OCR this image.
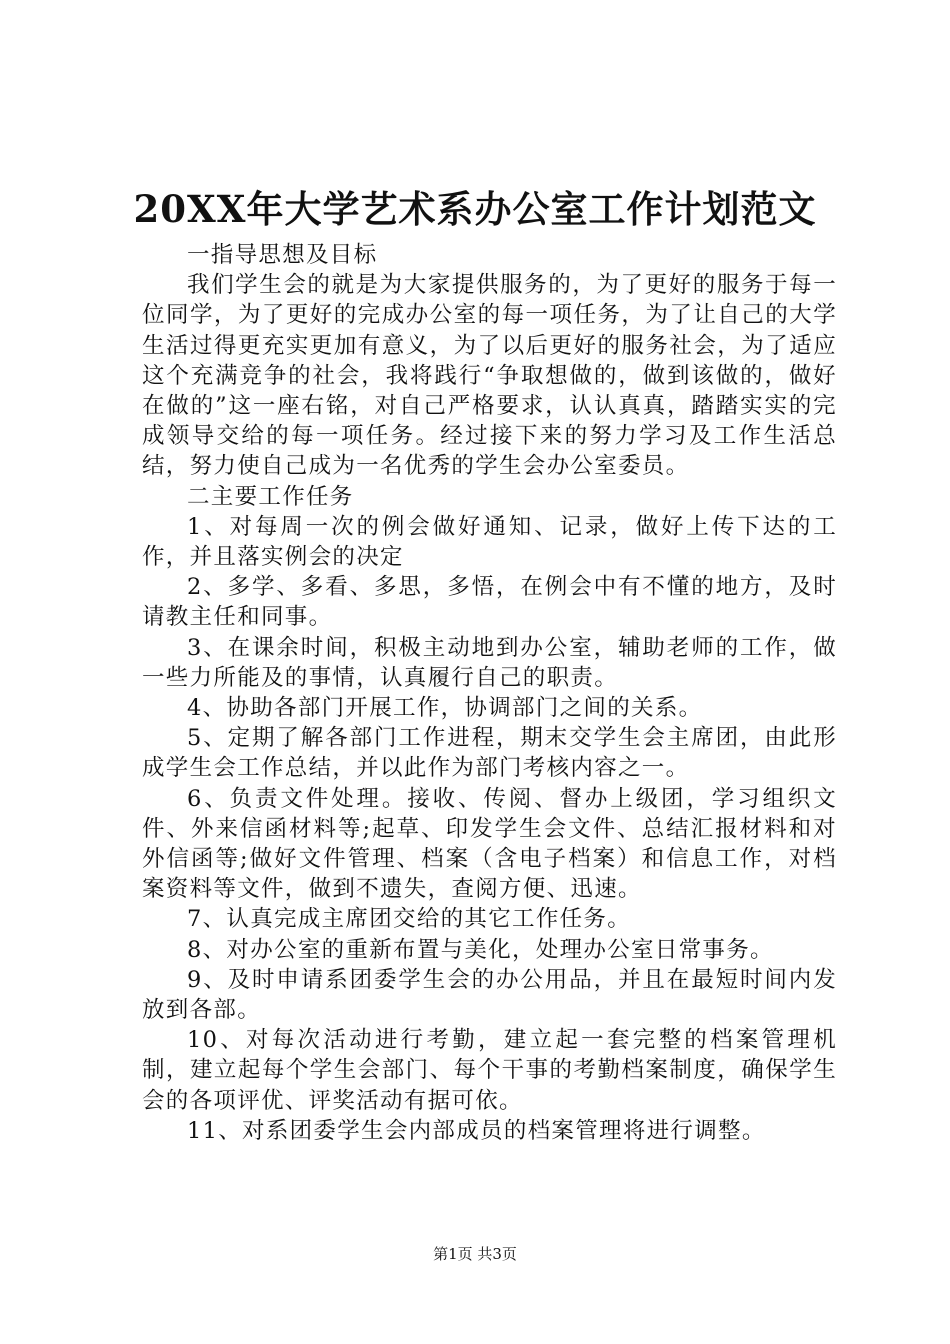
20XX年大学艺术系办公室工作计划范文

一指导思想及目标

我们学生会的就是为大家提供服务的，为了更好的服务于每一位同学，为了更好的完成办公室的每一项任务，为了让自己的大学生活过得更充实更加有意义，为了以后更好的服务社会，为了适应这个充满竞争的社会，我将践行“争取想做的，做到该做的，做好在做的”这一座右铭，对自己严格要求，认认真真，踏踏实实的完成领导交给的每一项任务。经过接下来的努力学习及工作生活总结，努力使自己成为一名优秀的学生会办公室委员。

二主要工作任务

1、对每周一次的例会做好通知、记录，做好上传下达的工作，并且落实例会的决定

2、多学、多看、多思，多悟，在例会中有不懂的地方，及时请教主任和同事。

3、在课余时间，积极主动地到办公室，辅助老师的工作，做一些力所能及的事情，认真履行自己的职责。

4、协助各部门开展工作，协调部门之间的关系。

5、定期了解各部门工作进程，期末交学生会主席团，由此形成学生会工作总结，并以此作为部门考核内容之一。

6、负责文件处理。接收、传阅、督办上级团，学习组织文件、外来信函材料等;起草、印发学生会文件、总结汇报材料和对外信函等;做好文件管理、档案（含电子档案）和信息工作，对档案资料等文件，做到不遗失，查阅方便、迅速。

7、认真完成主席团交给的其它工作任务。

8、对办公室的重新布置与美化，处理办公室日常事务。

9、及时申请系团委学生会的办公用品，并且在最短时间内发放到各部。

10、对每次活动进行考勤，建立起一套完整的档案管理机制，建立起每个学生会部门、每个干事的考勤档案制度，确保学生会的各项评优、评奖活动有据可依。

11、对系团委学生会内部成员的档案管理将进行调整。

第1页 共3页
